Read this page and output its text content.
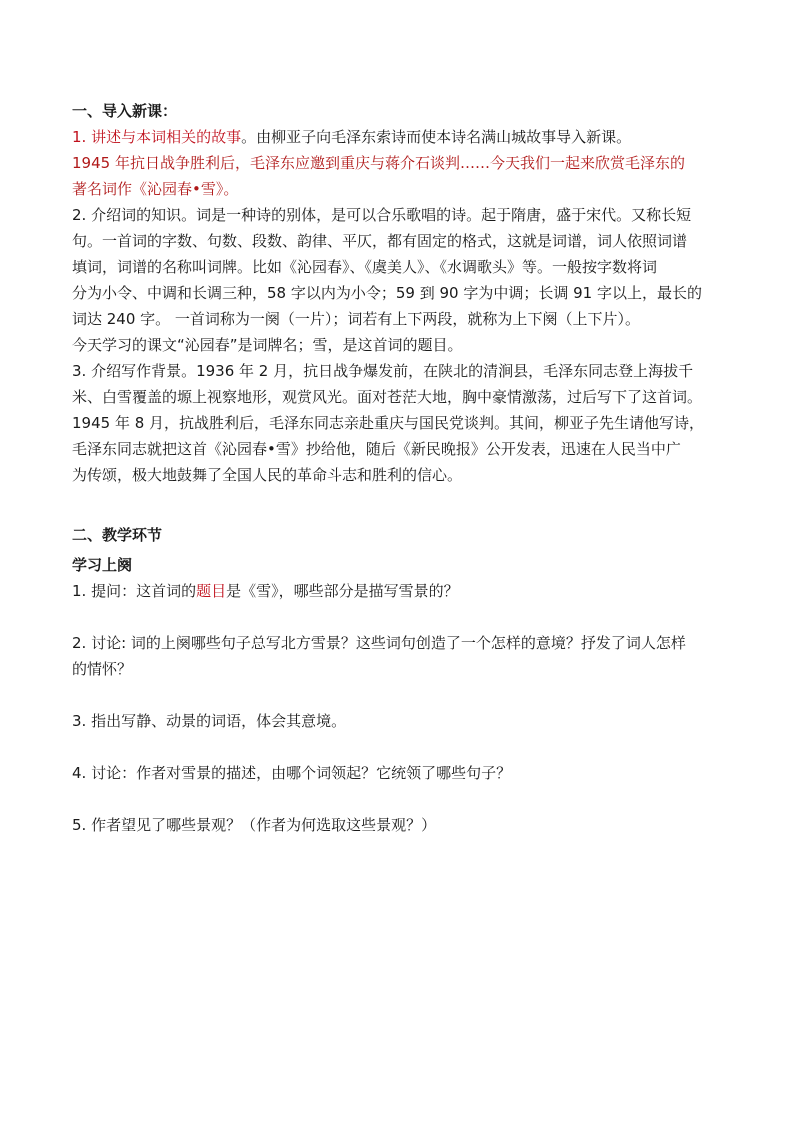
一、导入新课：
1. 讲述与本词相关的故事。由柳亚子向毛泽东索诗而使本诗名满山城故事导入新课。
1945 年抗日战争胜利后，毛泽东应邀到重庆与蒋介石谈判……今天我们一起来欣赏毛泽东的
著名词作《沁园春•雪》。
2. 介绍词的知识。词是一种诗的别体，是可以合乐歌唱的诗。起于隋唐，盛于宋代。又称长短
句。一首词的字数、句数、段数、韵律、平仄，都有固定的格式，这就是词谱，词人依照词谱
填词，词谱的名称叫词牌。比如《沁园春》、《虞美人》、《水调歌头》等。一般按字数将词
分为小令、中调和长调三种，58 字以内为小令；59 到 90 字为中调；长调 91 字以上，最长的
词达 240 字。 一首词称为一阕（一片）；词若有上下两段，就称为上下阕（上下片）。
今天学习的课文“沁园春”是词牌名；雪，是这首词的题目。
3. 介绍写作背景。1936 年 2 月，抗日战争爆发前，在陕北的清涧县，毛泽东同志登上海拔千
米、白雪覆盖的塬上视察地形，观赏风光。面对苍茫大地，胸中豪情激荡，过后写下了这首词。
1945 年 8 月，抗战胜利后，毛泽东同志亲赴重庆与国民党谈判。其间，柳亚子先生请他写诗，
毛泽东同志就把这首《沁园春•雪》抄给他，随后《新民晚报》公开发表，迅速在人民当中广
为传颂，极大地鼓舞了全国人民的革命斗志和胜利的信心。
二、教学环节
学习上阕
1. 提问：这首词的题目是《雪》，哪些部分是描写雪景的？
2. 讨论: 词的上阕哪些句子总写北方雪景？这些词句创造了一个怎样的意境？抒发了词人怎样
的情怀？
3. 指出写静、动景的词语，体会其意境。
4. 讨论：作者对雪景的描述，由哪个词领起？它统领了哪些句子？
5. 作者望见了哪些景观？（作者为何选取这些景观？）
